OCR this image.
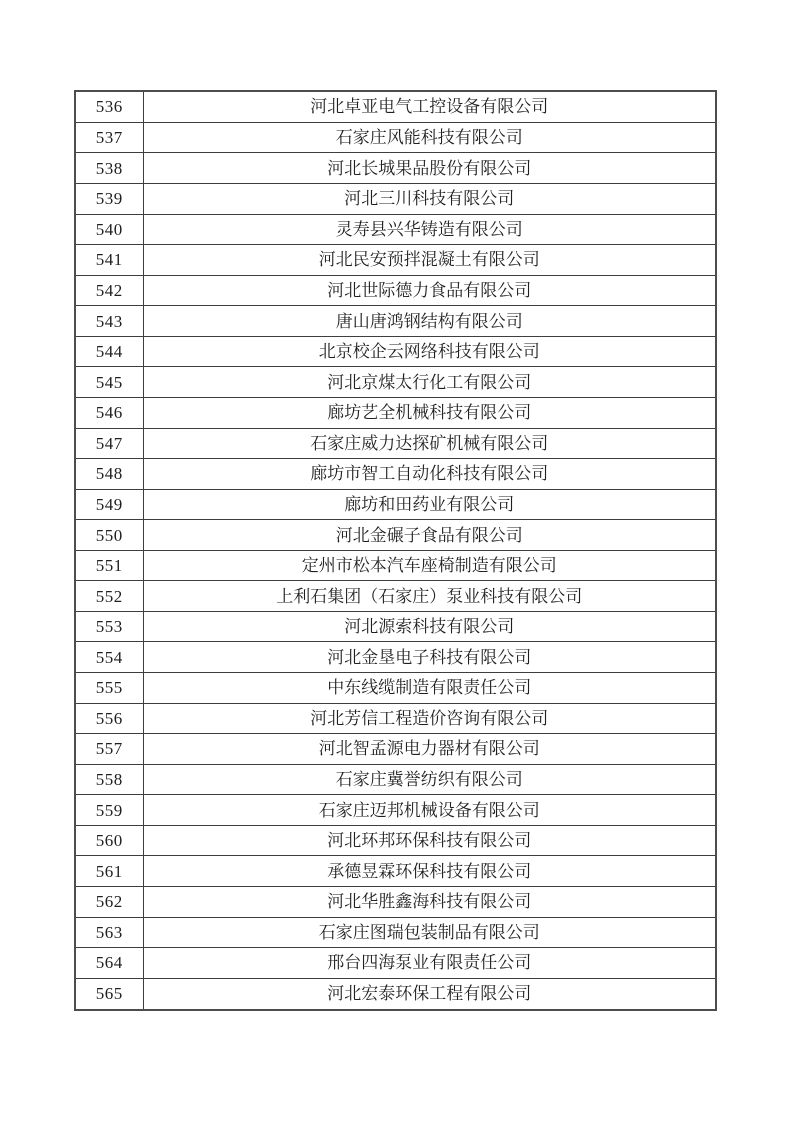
536	河北卓亚电气工控设备有限公司
537	石家庄风能科技有限公司
538	河北长城果品股份有限公司
539	河北三川科技有限公司
540	灵寿县兴华铸造有限公司
541	河北民安预拌混凝土有限公司
542	河北世际德力食品有限公司
543	唐山唐鸿钢结构有限公司
544	北京校企云网络科技有限公司
545	河北京煤太行化工有限公司
546	廊坊艺全机械科技有限公司
547	石家庄威力达探矿机械有限公司
548	廊坊市智工自动化科技有限公司
549	廊坊和田药业有限公司
550	河北金碾子食品有限公司
551	定州市松本汽车座椅制造有限公司
552	上利石集团（石家庄）泵业科技有限公司
553	河北源索科技有限公司
554	河北金垦电子科技有限公司
555	中东线缆制造有限责任公司
556	河北芳信工程造价咨询有限公司
557	河北智孟源电力器材有限公司
558	石家庄冀誉纺织有限公司
559	石家庄迈邦机械设备有限公司
560	河北环邦环保科技有限公司
561	承德昱霖环保科技有限公司
562	河北华胜鑫海科技有限公司
563	石家庄图瑞包装制品有限公司
564	邢台四海泵业有限责任公司
565	河北宏泰环保工程有限公司
